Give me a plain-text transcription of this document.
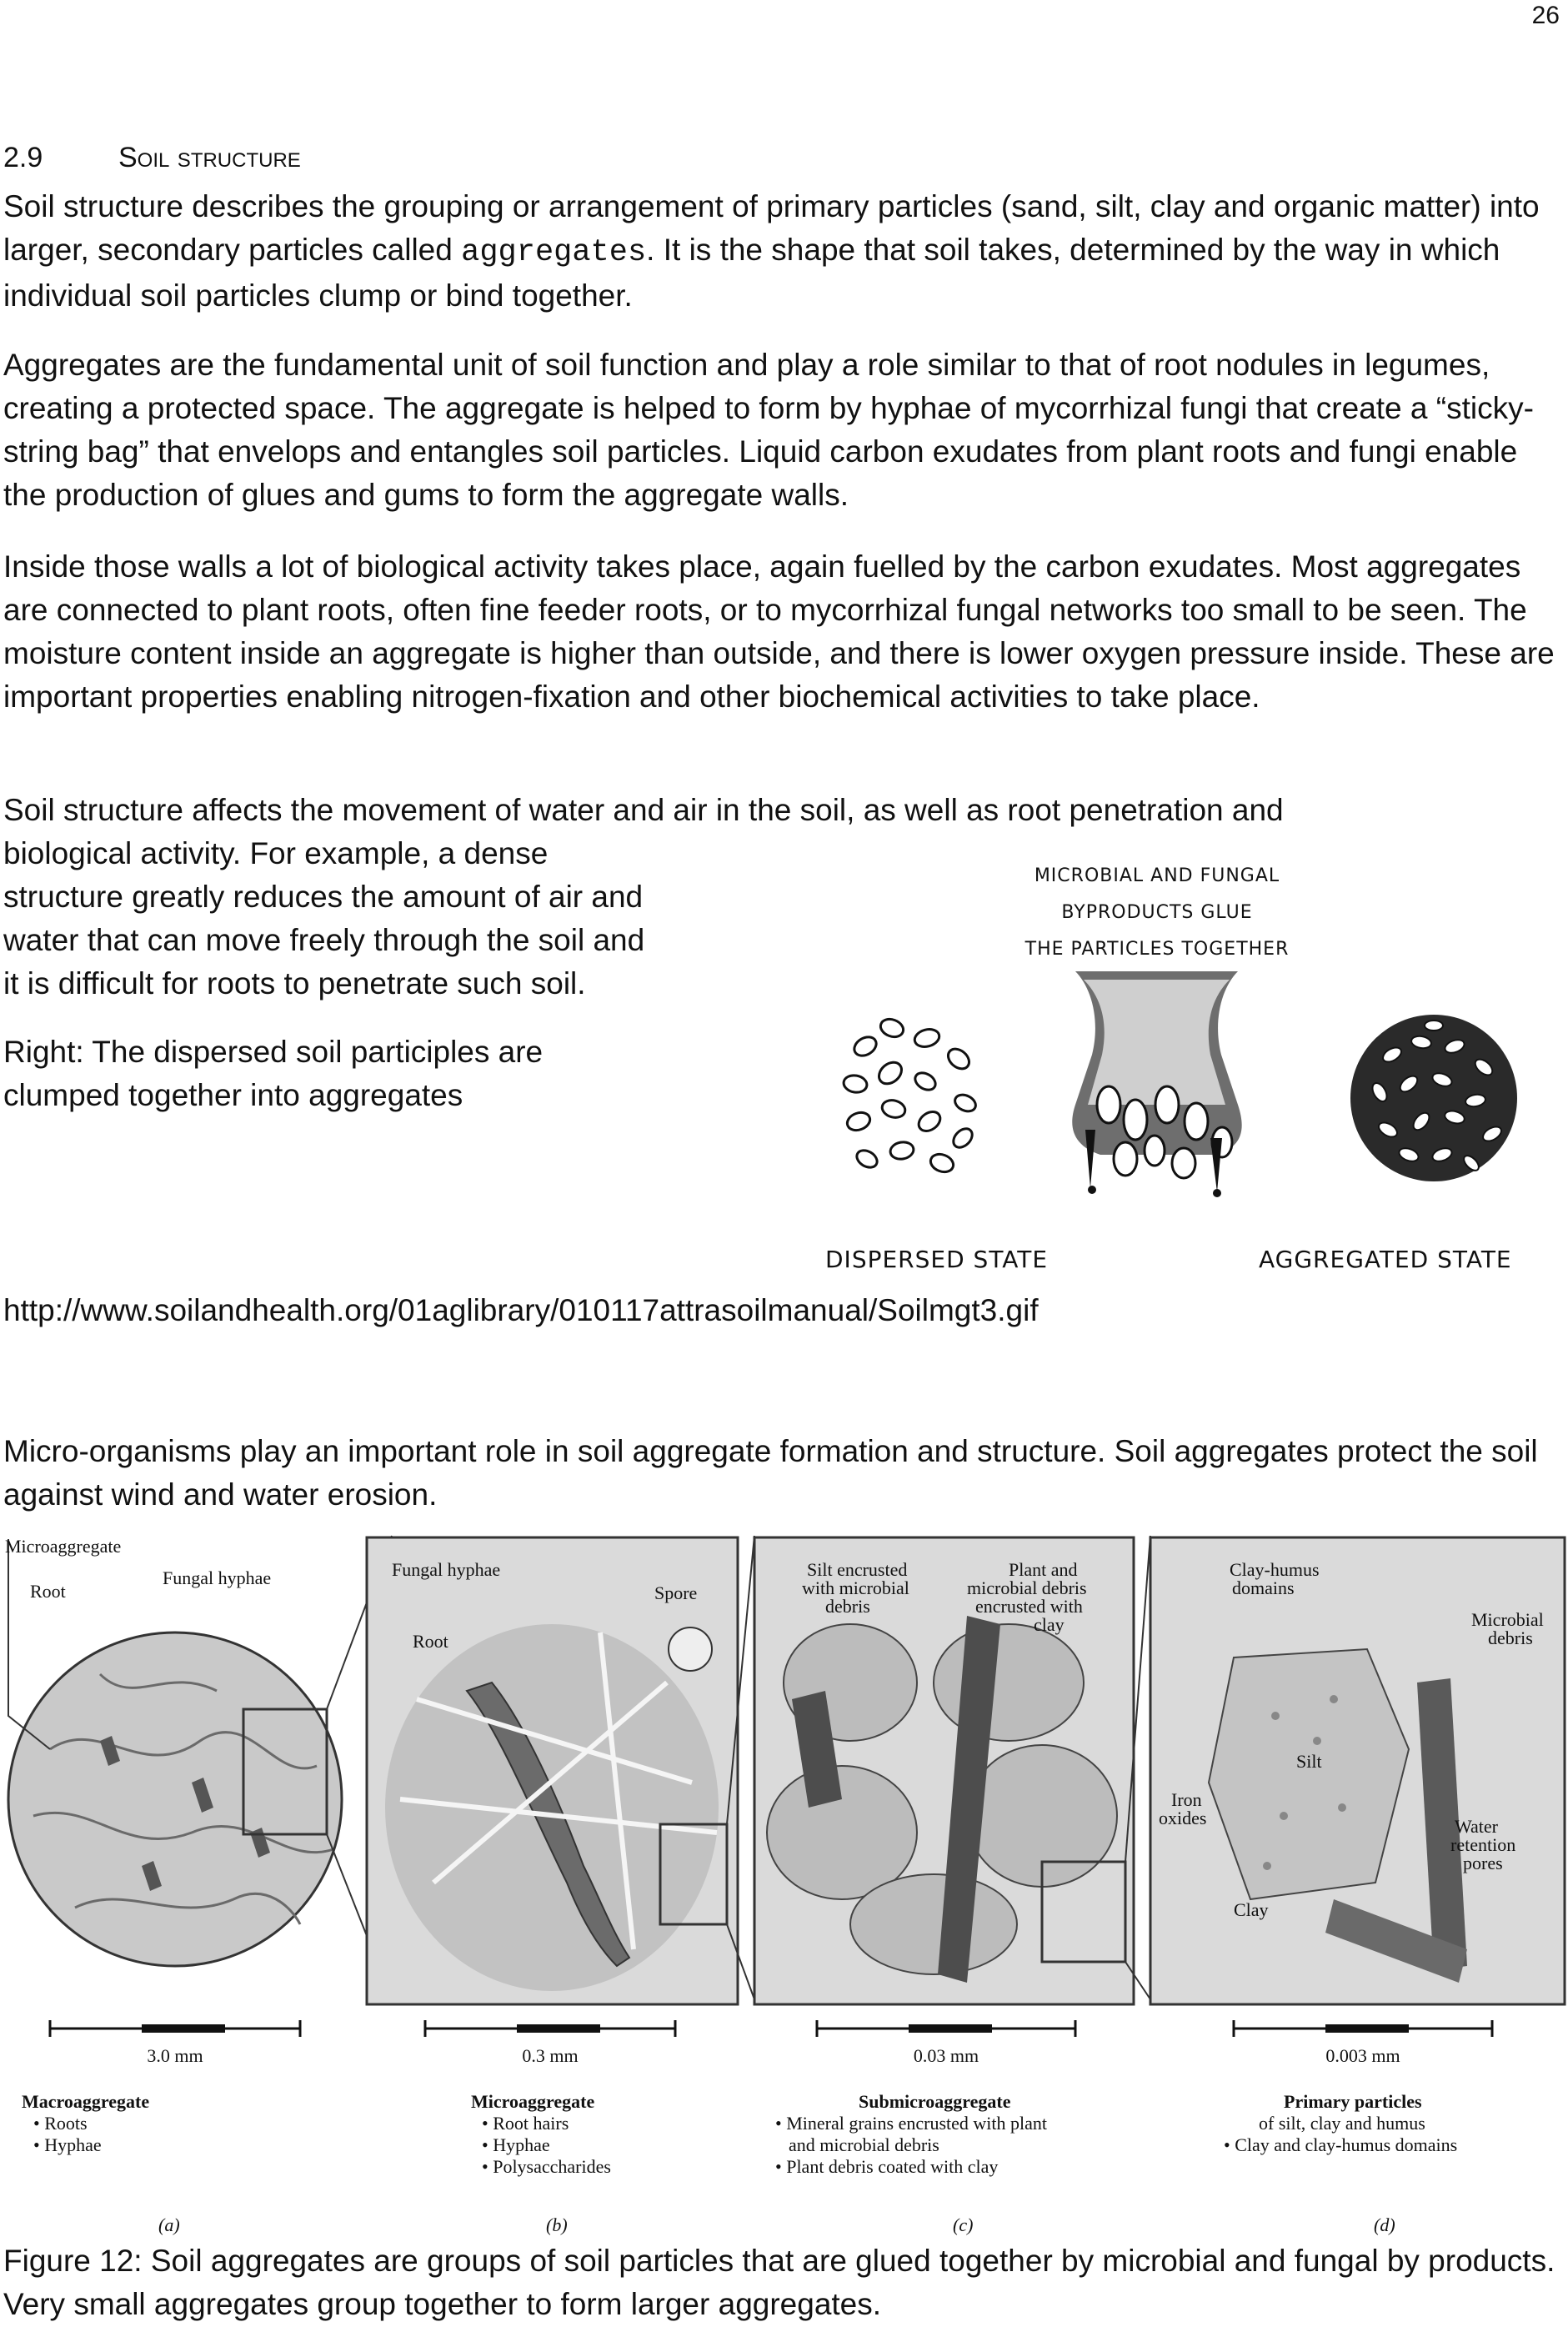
26
2.9	Soil structure

Soil structure describes the grouping or arrangement of primary particles (sand, silt, clay and organic matter) into larger, secondary particles called aggregates. It is the shape that soil takes, determined by the way in which individual soil particles clump or bind together.

Aggregates are the fundamental unit of soil function and play a role similar to that of root nodules in legumes, creating a protected space. The aggregate is helped to form by hyphae of mycorrhizal fungi that create a “sticky-string bag” that envelops and entangles soil particles. Liquid carbon exudates from plant roots and fungi enable the production of glues and gums to form the aggregate walls.

Inside those walls a lot of biological activity takes place, again fuelled by the carbon exudates. Most aggregates are connected to plant roots, often fine feeder roots, or to mycorrhizal fungal networks too small to be seen. The moisture content inside an aggregate is higher than outside, and there is lower oxygen pressure inside. These are important properties enabling nitrogen-fixation and other biochemical activities to take place.

Soil structure affects the movement of water and air in the soil, as well as root penetration and
biological activity. For example, a dense
structure greatly reduces the amount of air and
water that can move freely through the soil and
it is difficult for roots to penetrate such soil.

Right: The dispersed soil participles are
clumped together into aggregates

MICROBIAL AND FUNGAL
BYPRODUCTS GLUE
THE PARTICLES TOGETHER
DISPERSED STATE	AGGREGATED STATE

http://www.soilandhealth.org/01aglibrary/010117attrasoilmanual/Soilmgt3.gif

Micro-organisms play an important role in soil aggregate formation and structure. Soil aggregates protect the soil against wind and water erosion.

Microaggregate
Root
Fungal hyphae	Fungal hyphae
Spore
Root
Silt encrusted
with microbial
debris
Plant and
microbial debris
encrusted with
clay
Clay-humus
domains
Microbial
debris
Silt
Iron
oxides	Water
retention
pores
Clay
3.0 mm	0.3 mm	0.03 mm	0.003 mm
Macroaggregate
• Roots
• Hyphae
Microaggregate
• Root hairs
• Hyphae
• Polysaccharides
Submicroaggregate
• Mineral grains encrusted with plant
and microbial debris
• Plant debris coated with clay
Primary particles
of silt, clay and humus
• Clay and clay-humus domains
(a)	(b)	(c)	(d)

Figure 12: Soil aggregates are groups of soil particles that are glued together by microbial and fungal by products. Very small aggregates group together to form larger aggregates.
